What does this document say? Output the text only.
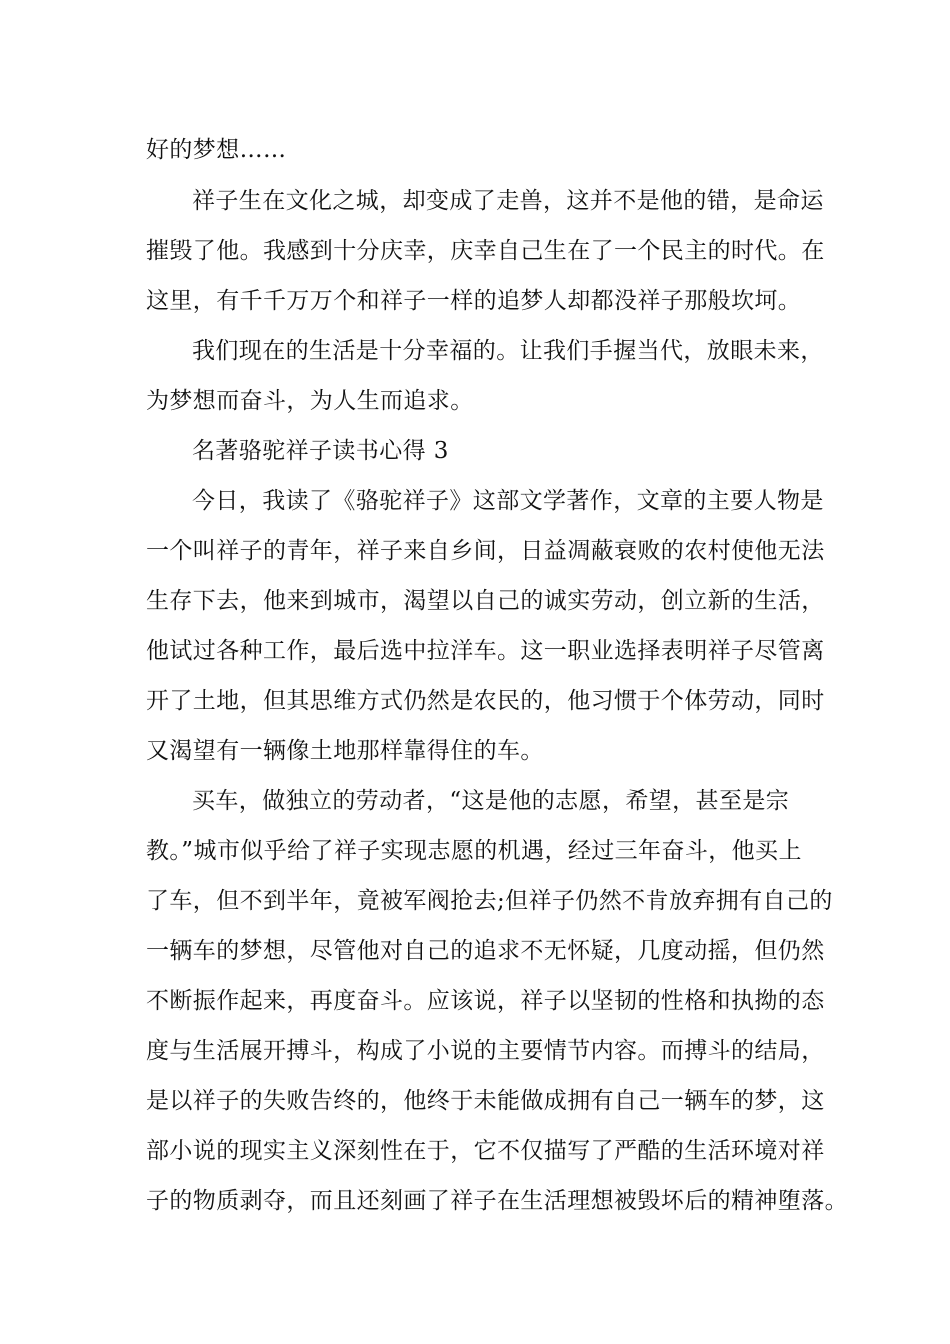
好的梦想……
祥子生在文化之城，却变成了走兽，这并不是他的错，是命运
摧毁了他。我感到十分庆幸，庆幸自己生在了一个民主的时代。在
这里，有千千万万个和祥子一样的追梦人却都没祥子那般坎坷。
我们现在的生活是十分幸福的。让我们手握当代，放眼未来，
为梦想而奋斗，为人生而追求。
名著骆驼祥子读书心得 3
今日，我读了《骆驼祥子》这部文学著作，文章的主要人物是
一个叫祥子的青年，祥子来自乡间，日益凋蔽衰败的农村使他无法
生存下去，他来到城市，渴望以自己的诚实劳动，创立新的生活，
他试过各种工作，最后选中拉洋车。这一职业选择表明祥子尽管离
开了土地，但其思维方式仍然是农民的，他习惯于个体劳动，同时
又渴望有一辆像土地那样靠得住的车。
买车，做独立的劳动者，“这是他的志愿，希望，甚至是宗
教。”城市似乎给了祥子实现志愿的机遇，经过三年奋斗，他买上
了车，但不到半年，竟被军阀抢去;但祥子仍然不肯放弃拥有自己的
一辆车的梦想，尽管他对自己的追求不无怀疑，几度动摇，但仍然
不断振作起来，再度奋斗。应该说，祥子以坚韧的性格和执拗的态
度与生活展开搏斗，构成了小说的主要情节内容。而搏斗的结局，
是以祥子的失败告终的，他终于未能做成拥有自己一辆车的梦，这
部小说的现实主义深刻性在于，它不仅描写了严酷的生活环境对祥
子的物质剥夺，而且还刻画了祥子在生活理想被毁坏后的精神堕落。
